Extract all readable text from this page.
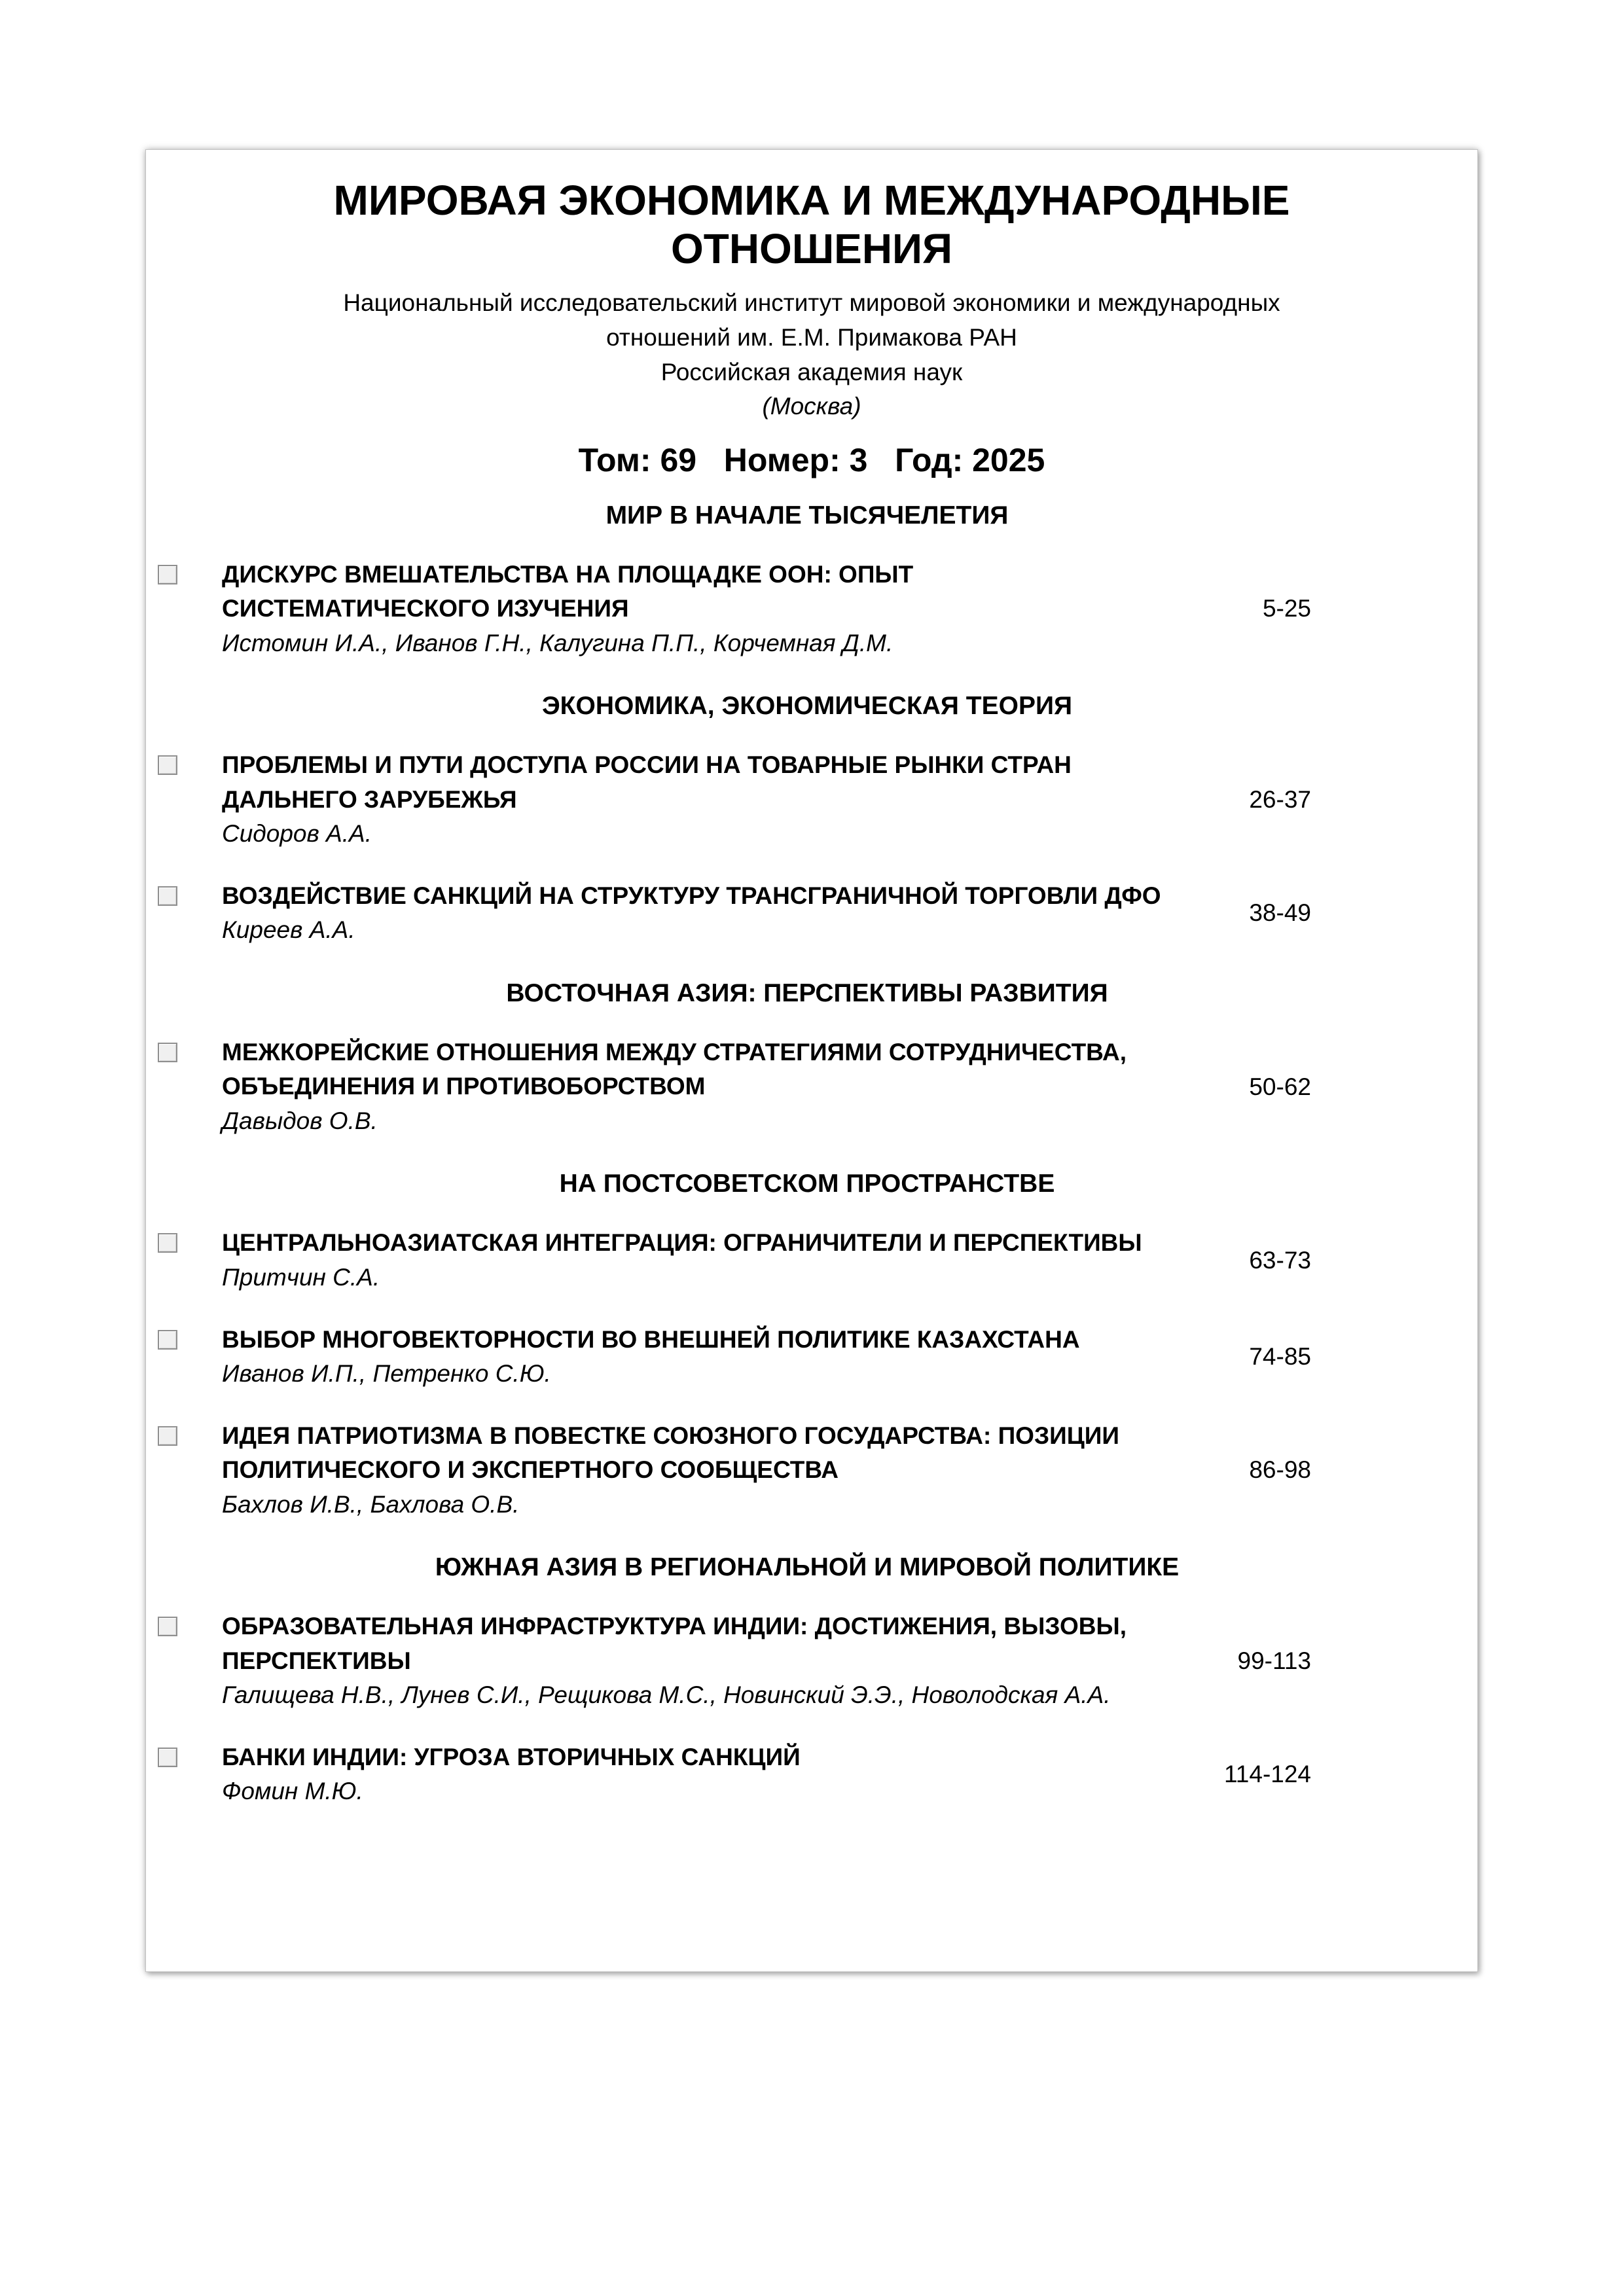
МИРОВАЯ ЭКОНОМИКА И МЕЖДУНАРОДНЫЕ ОТНОШЕНИЯ
Национальный исследовательский институт мировой экономики и международных
отношений им. Е.М. Примакова РАН
Российская академия наук
(Москва)
Том: 69   Номер: 3   Год: 2025
МИР В НАЧАЛЕ ТЫСЯЧЕЛЕТИЯ
ДИСКУРС ВМЕШАТЕЛЬСТВА НА ПЛОЩАДКЕ ООН: ОПЫТ СИСТЕМАТИЧЕСКОГО ИЗУЧЕНИЯ
Истомин И.А., Иванов Г.Н., Калугина П.П., Корчемная Д.М.
5-25
ЭКОНОМИКА, ЭКОНОМИЧЕСКАЯ ТЕОРИЯ
ПРОБЛЕМЫ И ПУТИ ДОСТУПА РОССИИ НА ТОВАРНЫЕ РЫНКИ СТРАН ДАЛЬНЕГО ЗАРУБЕЖЬЯ
Сидоров А.А.
26-37
ВОЗДЕЙСТВИЕ САНКЦИЙ НА СТРУКТУРУ ТРАНСГРАНИЧНОЙ ТОРГОВЛИ ДФО
Киреев А.А.
38-49
ВОСТОЧНАЯ АЗИЯ: ПЕРСПЕКТИВЫ РАЗВИТИЯ
МЕЖКОРЕЙСКИЕ ОТНОШЕНИЯ МЕЖДУ СТРАТЕГИЯМИ СОТРУДНИЧЕСТВА, ОБЪЕДИНЕНИЯ И ПРОТИВОБОРСТВОМ
Давыдов О.В.
50-62
НА ПОСТСОВЕТСКОМ ПРОСТРАНСТВЕ
ЦЕНТРАЛЬНОАЗИАТСКАЯ ИНТЕГРАЦИЯ: ОГРАНИЧИТЕЛИ И ПЕРСПЕКТИВЫ
Притчин С.А.
63-73
ВЫБОР МНОГОВЕКТОРНОСТИ ВО ВНЕШНЕЙ ПОЛИТИКЕ КАЗАХСТАНА
Иванов И.П., Петренко С.Ю.
74-85
ИДЕЯ ПАТРИОТИЗМА В ПОВЕСТКЕ СОЮЗНОГО ГОСУДАРСТВА: ПОЗИЦИИ ПОЛИТИЧЕСКОГО И ЭКСПЕРТНОГО СООБЩЕСТВА
Бахлов И.В., Бахлова О.В.
86-98
ЮЖНАЯ АЗИЯ В РЕГИОНАЛЬНОЙ И МИРОВОЙ ПОЛИТИКЕ
ОБРАЗОВАТЕЛЬНАЯ ИНФРАСТРУКТУРА ИНДИИ: ДОСТИЖЕНИЯ, ВЫЗОВЫ, ПЕРСПЕКТИВЫ
Галищева Н.В., Лунев С.И., Рещикова М.С., Новинский Э.Э., Новолодская А.А.
99-113
БАНКИ ИНДИИ: УГРОЗА ВТОРИЧНЫХ САНКЦИЙ
Фомин М.Ю.
114-124
